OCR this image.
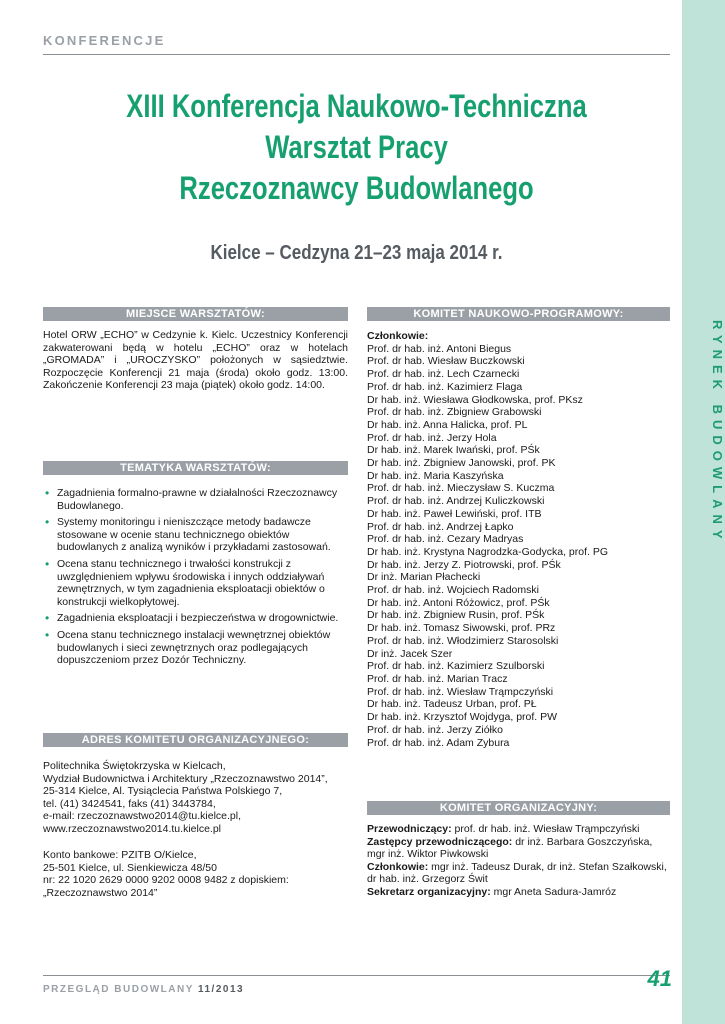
KONFERENCJE
RYNEK BUDOWLANY
XIII Konferencja Naukowo-Techniczna
Warsztat Pracy
Rzeczoznawcy Budowlanego
Kielce – Cedzyna 21–23 maja 2014 r.
MIEJSCE WARSZTATÓW:
Hotel ORW „ECHO” w Cedzynie k. Kielc. Uczestnicy Konferencji zakwaterowani będą w hotelu „ECHO” oraz w hotelach „GROMADA” i „UROCZYSKO” położonych w sąsiedztwie. Rozpoczęcie Konferencji 21 maja (środa) około godz. 13:00. Zakończenie Konferencji 23 maja (piątek) około godz. 14:00.
TEMATYKA WARSZTATÓW:
• Zagadnienia formalno-prawne w działalności Rzeczoznawcy Budowlanego.
• Systemy monitoringu i nieniszczące metody badawcze stosowane w ocenie stanu technicznego obiektów budowlanych z analizą wyników i przykładami zastosowań.
• Ocena stanu technicznego i trwałości konstrukcji z uwzględnieniem wpływu środowiska i innych oddziaływań zewnętrznych, w tym zagadnienia eksploatacji obiektów o konstrukcji wielkopłytowej.
• Zagadnienia eksploatacji i bezpieczeństwa w drogownictwie.
• Ocena stanu technicznego instalacji wewnętrznej obiektów budowlanych i sieci zewnętrznych oraz podlegających dopuszczeniom przez Dozór Techniczny.
ADRES KOMITETU ORGANIZACYJNEGO:
Politechnika Świętokrzyska w Kielcach,
Wydział Budownictwa i Architektury „Rzeczoznawstwo 2014”,
25-314 Kielce, Al. Tysiąclecia Państwa Polskiego 7,
tel. (41) 3424541, faks (41) 3443784,
e-mail: rzeczoznawstwo2014@tu.kielce.pl,
www.rzeczoznawstwo2014.tu.kielce.pl
Konto bankowe: PZITB O/Kielce,
25-501 Kielce, ul. Sienkiewicza 48/50
nr: 22 1020 2629 0000 9202 0008 9482 z dopiskiem:
„Rzeczoznawstwo 2014”
KOMITET NAUKOWO-PROGRAMOWY:
Członkowie:
Prof. dr hab. inż. Antoni Biegus
Prof. dr hab. Wiesław Buczkowski
Prof. dr hab. inż. Lech Czarnecki
Prof. dr hab. inż. Kazimierz Flaga
Dr hab. inż. Wiesława Głodkowska, prof. PKsz
Prof. dr hab. inż. Zbigniew Grabowski
Dr hab. inż. Anna Halicka, prof. PL
Prof. dr hab. inż. Jerzy Hola
Dr hab. inż. Marek Iwański, prof. PŚk
Dr hab. inż. Zbigniew Janowski, prof. PK
Dr hab. inż. Maria Kaszyńska
Prof. dr hab. inż. Mieczysław S. Kuczma
Prof. dr hab. inż. Andrzej Kuliczkowski
Dr hab. inż. Paweł Lewiński, prof. ITB
Prof. dr hab. inż. Andrzej Łapko
Prof. dr hab. inż. Cezary Madryas
Dr hab. inż. Krystyna Nagrodzka-Godycka, prof. PG
Dr hab. inż. Jerzy Z. Piotrowski, prof. PŚk
Dr inż. Marian Płachecki
Prof. dr hab. inż. Wojciech Radomski
Dr hab. inż. Antoni Różowicz, prof. PŚk
Dr hab. inż. Zbigniew Rusin, prof. PŚk
Dr hab. inż. Tomasz Siwowski, prof. PRz
Prof. dr hab. inż. Włodzimierz Starosolski
Dr inż. Jacek Szer
Prof. dr hab. inż. Kazimierz Szulborski
Prof. dr hab. inż. Marian Tracz
Prof. dr hab. inż. Wiesław Trąmpczyński
Dr hab. inż. Tadeusz Urban, prof. PŁ
Dr hab. inż. Krzysztof Wojdyga, prof. PW
Prof. dr hab. inż. Jerzy Ziółko
Prof. dr hab. inż. Adam Zybura
KOMITET ORGANIZACYJNY:
Przewodniczący: prof. dr hab. inż. Wiesław Trąmpczyński
Zastępcy przewodniczącego: dr inż. Barbara Goszczyńska, mgr inż. Wiktor Piwkowski
Członkowie: mgr inż. Tadeusz Durak, dr inż. Stefan Szałkowski, dr hab. inż. Grzegorz Świt
Sekretarz organizacyjny: mgr Aneta Sadura-Jamróz
PRZEGLĄD BUDOWLANY 11/2013	41
